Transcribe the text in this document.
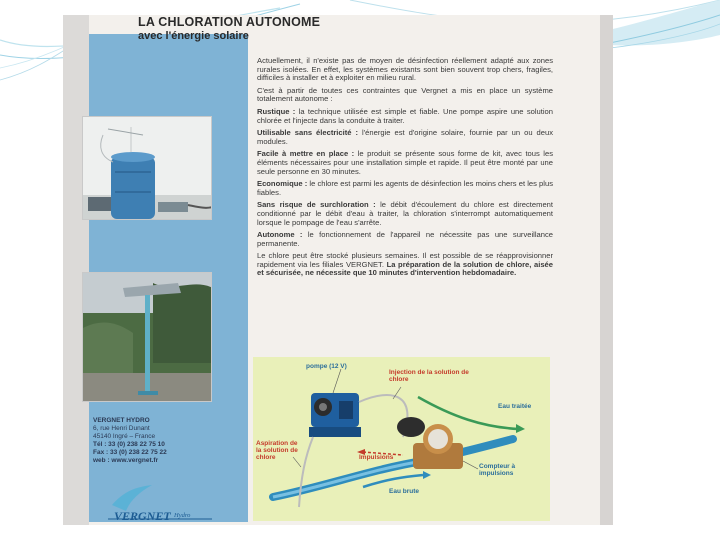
LA CHLORATION AUTONOME
avec l'énergie solaire
VERGNET HYDRO
6, rue Henri Dunant
45140 Ingré – France
Tél : 33 (0) 238 22 75 10
Fax : 33 (0) 238 22 75 22
web : www.vergnet.fr
VERGNET Hydro

Actuellement, il n'existe pas de moyen de désinfection réellement adapté aux zones rurales isolées. En effet, les systèmes existants sont bien souvent trop chers, fragiles, difficiles à installer et à exploiter en milieu rural.

C'est à partir de toutes ces contraintes que Vergnet a mis en place un système totalement autonome :

Rustique : la technique utilisée est simple et fiable. Une pompe aspire une solution chlorée et l'injecte dans la conduite à traiter.

Utilisable sans électricité : l'énergie est d'origine solaire, fournie par un ou deux modules.

Facile à mettre en place : le produit se présente sous forme de kit, avec tous les éléments nécessaires pour une installation simple et rapide. Il peut être monté par une seule personne en 30 minutes.

Economique : le chlore est parmi les agents de désinfection les moins chers et les plus fiables.

Sans risque de surchloration : le débit d'écoulement du chlore est directement conditionné par le débit d'eau à traiter, la chloration s'interrompt automatiquement lorsque le pompage de l'eau s'arrête.

Autonome : le fonctionnement de l'appareil ne nécessite pas une surveillance permanente.

Le chlore peut être stocké plusieurs semaines. Il est possible de se réapprovisionner rapidement via les filiales VERGNET. La préparation de la solution de chlore, aisée et sécurisée, ne nécessite que 10 minutes d'intervention hebdomadaire.

pompe (12 V)
Injection de la solution de chlore
Eau traitée
Aspiration de la solution de chlore	Impulsions
Compteur à impulsions
Eau brute
